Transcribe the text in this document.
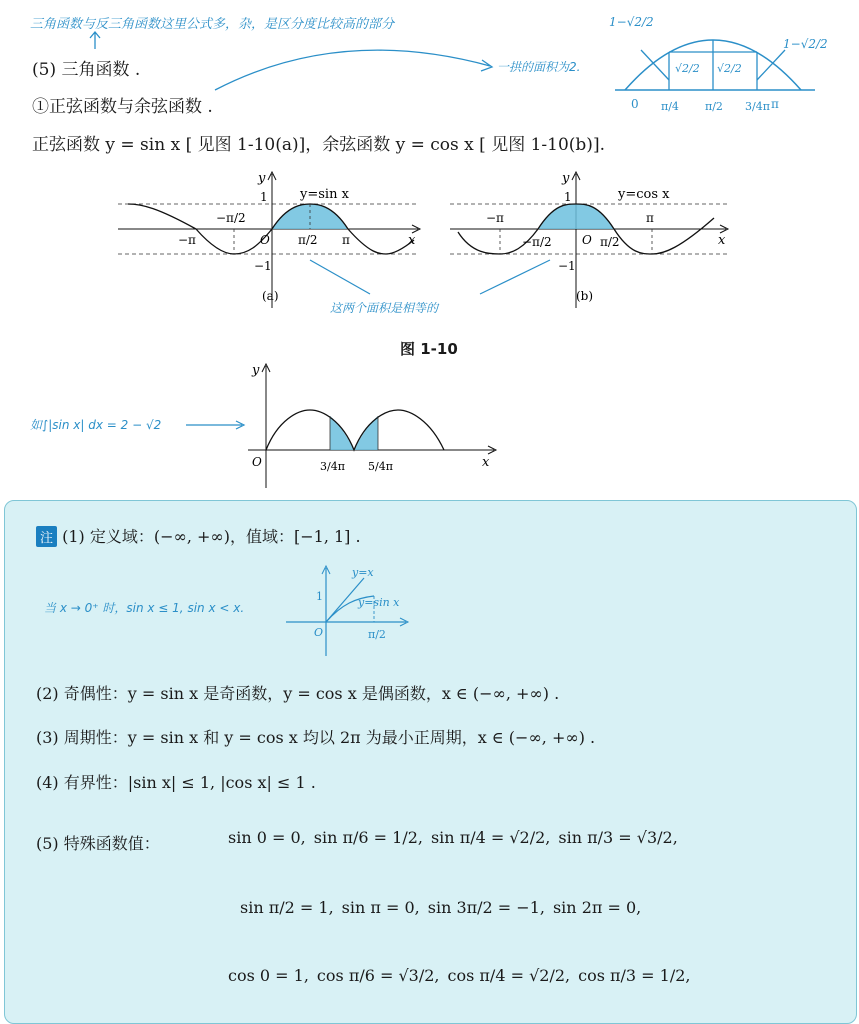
三角函数与反三角函数这里公式多，杂，是区分度比较高的部分
(5) 三角函数 .
①正弦函数与余弦函数 .
一拱的面积为2.
1−√2/2
√2/2 √2/2
1−√2/2
0 π/4 π/2 3/4π π
正弦函数 y = sin x [ 见图 1-10(a)]，余弦函数 y = cos x [ 见图 1-10(b)].
y
y=sin x
1
−π/2
−π	O π/2 π	x
−1
(a)
y
y=cos x
1
−π	π
−π/2	O π/2	x
−1
(b)
这两个面积是相等的
图 1-10
如∫|sin x| dx = 2 − √2
y
O	3/4π 5/4π	x
注 (1) 定义域：(−∞, +∞)，值域：[−1, 1] .
当 x → 0⁺ 时，sin x ≤ 1, sin x < x.
y=x
y=sin x
1
O	π/2
(2) 奇偶性：y = sin x 是奇函数，y = cos x 是偶函数，x ∈ (−∞, +∞) .
(3) 周期性：y = sin x 和 y = cos x 均以 2π 为最小正周期，x ∈ (−∞, +∞) .
(4) 有界性：|sin x| ≤ 1, |cos x| ≤ 1 .
(5) 特殊函数值：	sin 0 = 0, sin π/6 = 1/2, sin π/4 = √2/2, sin π/3 = √3/2,
sin π/2 = 1, sin π = 0, sin 3π/2 = −1, sin 2π = 0,
cos 0 = 1, cos π/6 = √3/2, cos π/4 = √2/2, cos π/3 = 1/2,
